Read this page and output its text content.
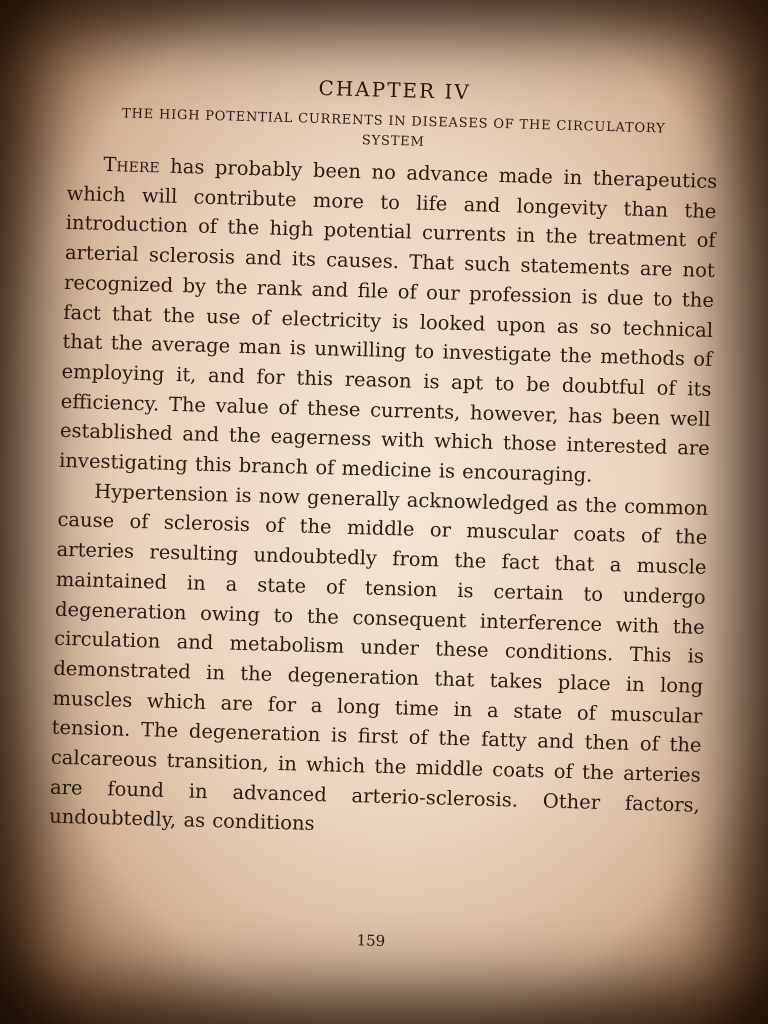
CHAPTER IV
THE HIGH POTENTIAL CURRENTS IN DISEASES OF THE CIRCULATORY SYSTEM

There has probably been no advance made in therapeutics which will contribute more to life and longevity than the introduction of the high potential currents in the treatment of arterial sclerosis and its causes. That such statements are not recognized by the rank and file of our profession is due to the fact that the use of electricity is looked upon as so technical that the average man is unwilling to investigate the methods of employing it, and for this reason is apt to be doubtful of its efficiency. The value of these currents, however, has been well established and the eagerness with which those interested are investigating this branch of medicine is encouraging.

Hypertension is now generally acknowledged as the common cause of sclerosis of the middle or muscular coats of the arteries resulting undoubtedly from the fact that a muscle maintained in a state of tension is certain to undergo degeneration owing to the consequent interference with the circulation and metabolism under these conditions. This is demonstrated in the degeneration that takes place in long muscles which are for a long time in a state of muscular tension. The degeneration is first of the fatty and then of the calcareous transition, in which the middle coats of the arteries are found in advanced arterio-sclerosis. Other factors, undoubtedly, as conditions

159
